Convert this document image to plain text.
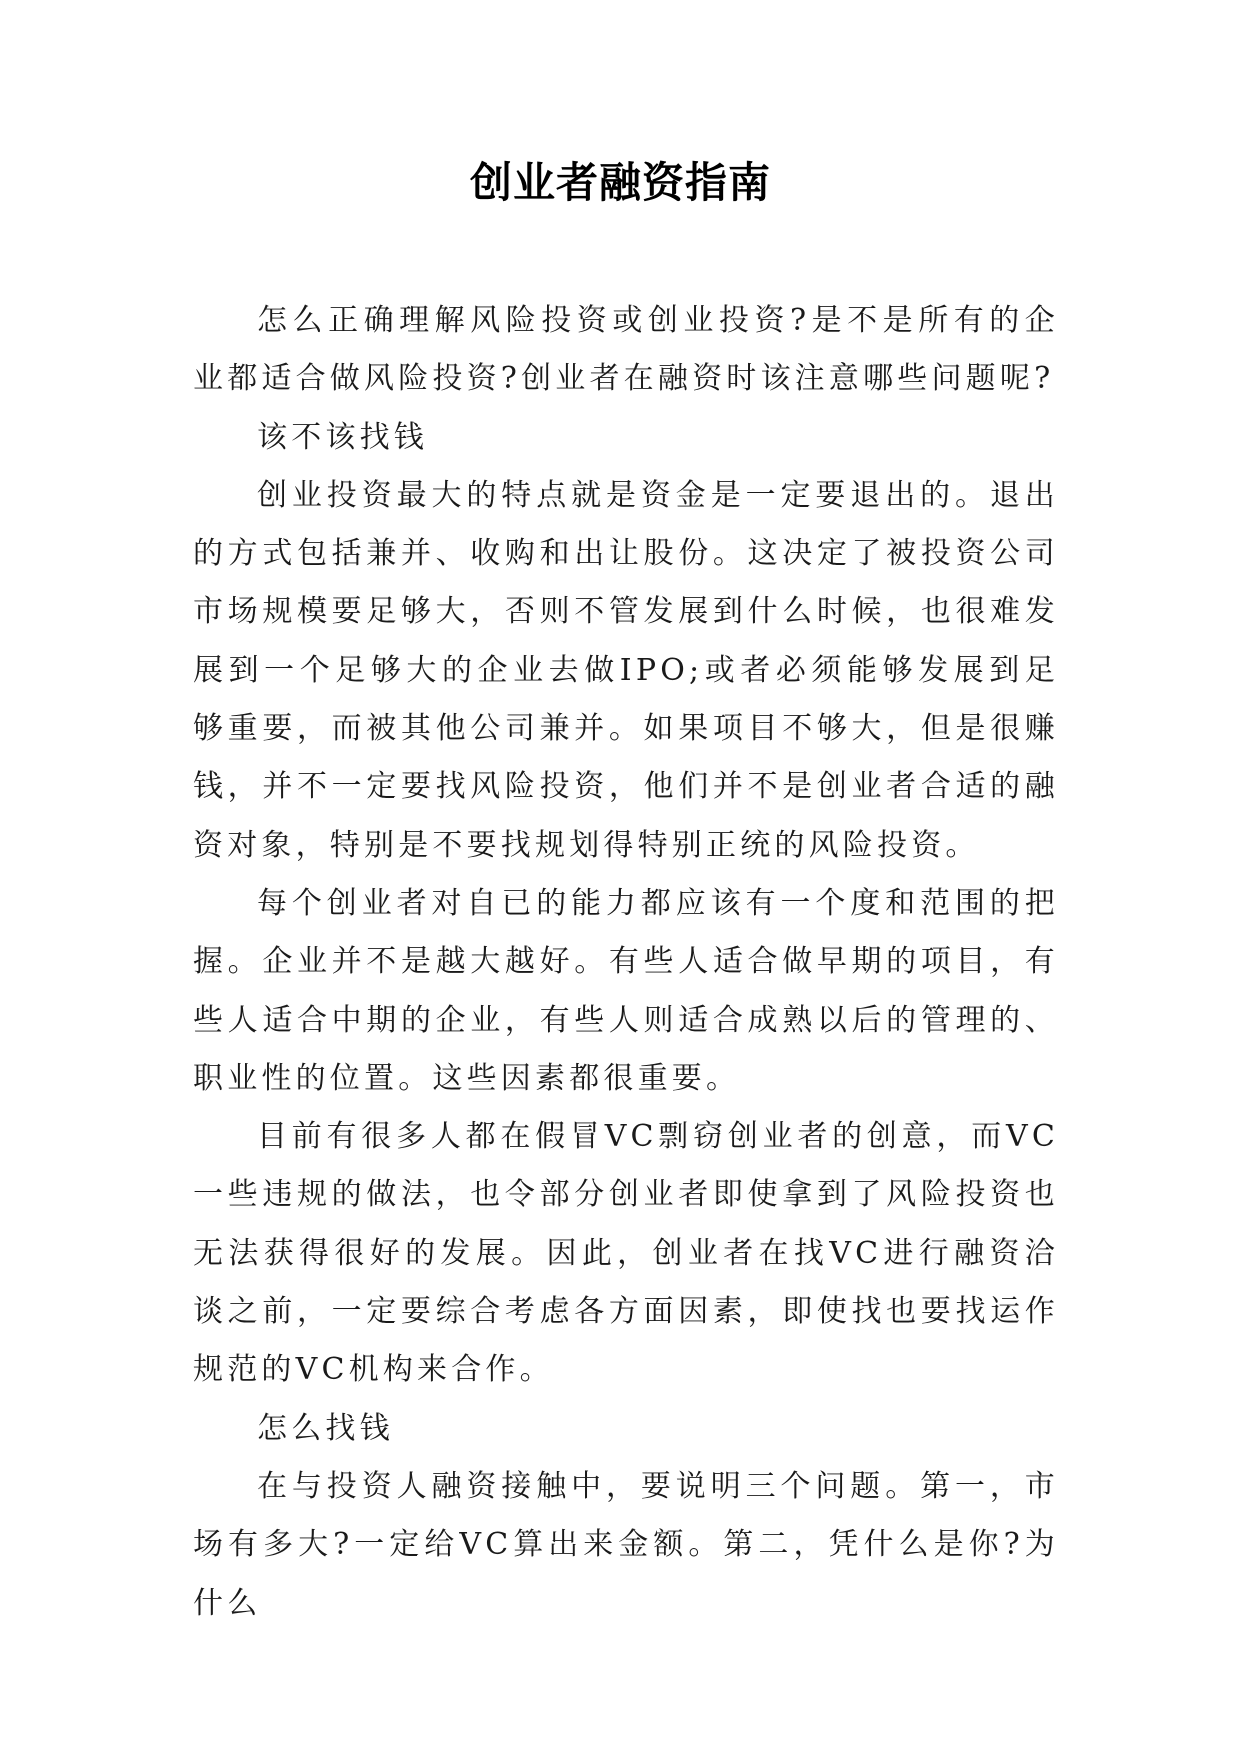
创业者融资指南

怎么正确理解风险投资或创业投资?是不是所有的企业都适合做风险投资?创业者在融资时该注意哪些问题呢?

该不该找钱

创业投资最大的特点就是资金是一定要退出的。退出的方式包括兼并、收购和出让股份。这决定了被投资公司市场规模要足够大，否则不管发展到什么时候，也很难发展到一个足够大的企业去做IPO;或者必须能够发展到足够重要，而被其他公司兼并。如果项目不够大，但是很赚钱，并不一定要找风险投资，他们并不是创业者合适的融资对象，特别是不要找规划得特别正统的风险投资。

每个创业者对自已的能力都应该有一个度和范围的把握。企业并不是越大越好。有些人适合做早期的项目，有些人适合中期的企业，有些人则适合成熟以后的管理的、职业性的位置。这些因素都很重要。

目前有很多人都在假冒VC剽窃创业者的创意，而VC一些违规的做法，也令部分创业者即使拿到了风险投资也无法获得很好的发展。因此，创业者在找VC进行融资洽谈之前，一定要综合考虑各方面因素，即使找也要找运作规范的VC机构来合作。

怎么找钱

在与投资人融资接触中，要说明三个问题。第一，市场有多大?一定给VC算出来金额。第二，凭什么是你?为什么
